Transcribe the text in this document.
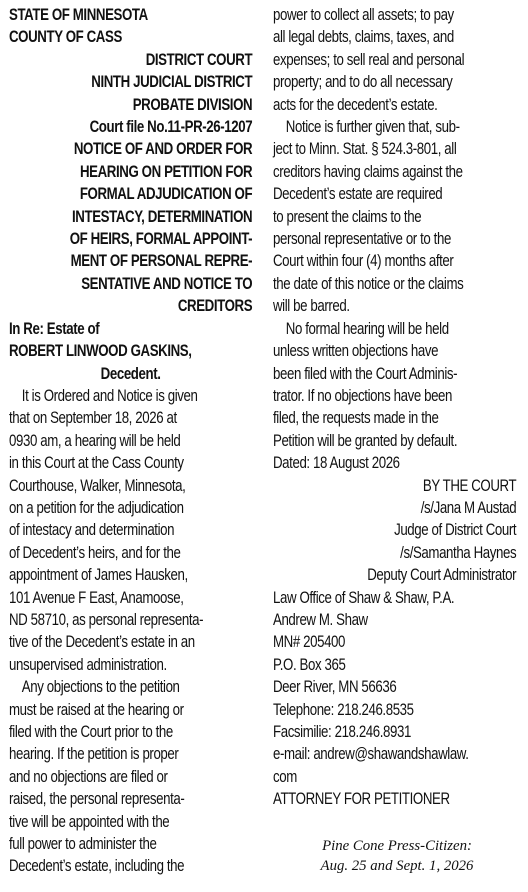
STATE OF MINNESOTA
COUNTY OF CASS
DISTRICT COURT
NINTH JUDICIAL DISTRICT
PROBATE DIVISION
Court file No.11-PR-26-1207
NOTICE OF AND ORDER FOR
HEARING ON PETITION FOR
FORMAL ADJUDICATION OF
INTESTACY, DETERMINATION
OF HEIRS, FORMAL APPOINT-
MENT OF PERSONAL REPRE-
SENTATIVE AND NOTICE TO
CREDITORS
In Re: Estate of
ROBERT LINWOOD GASKINS,
Decedent.
It is Ordered and Notice is given
that on September 18, 2026 at
0930 am, a hearing will be held
in this Court at the Cass County
Courthouse, Walker, Minnesota,
on a petition for the adjudication
of intestacy and determination
of Decedent’s heirs, and for the
appointment of James Hausken,
101 Avenue F East, Anamoose,
ND 58710, as personal representa-
tive of the Decedent’s estate in an
unsupervised administration.
Any objections to the petition
must be raised at the hearing or
filed with the Court prior to the
hearing. If the petition is proper
and no objections are filed or
raised, the personal representa-
tive will be appointed with the
full power to administer the
Decedent’s estate, including the
power to collect all assets; to pay
all legal debts, claims, taxes, and
expenses; to sell real and personal
property; and to do all necessary
acts for the decedent’s estate.
Notice is further given that, sub-
ject to Minn. Stat. § 524.3-801, all
creditors having claims against the
Decedent’s estate are required
to present the claims to the
personal representative or to the
Court within four (4) months after
the date of this notice or the claims
will be barred.
No formal hearing will be held
unless written objections have
been filed with the Court Adminis-
trator. If no objections have been
filed, the requests made in the
Petition will be granted by default.
Dated: 18 August 2026
BY THE COURT
/s/Jana M Austad
Judge of District Court
/s/Samantha Haynes
Deputy Court Administrator
Law Office of Shaw & Shaw, P.A.
Andrew M. Shaw
MN# 205400
P.O. Box 365
Deer River, MN 56636
Telephone: 218.246.8535
Facsimilie: 218.246.8931
e-mail: andrew@shawandshawlaw.
com
ATTORNEY FOR PETITIONER
Pine Cone Press-Citizen:
Aug. 25 and Sept. 1, 2026
